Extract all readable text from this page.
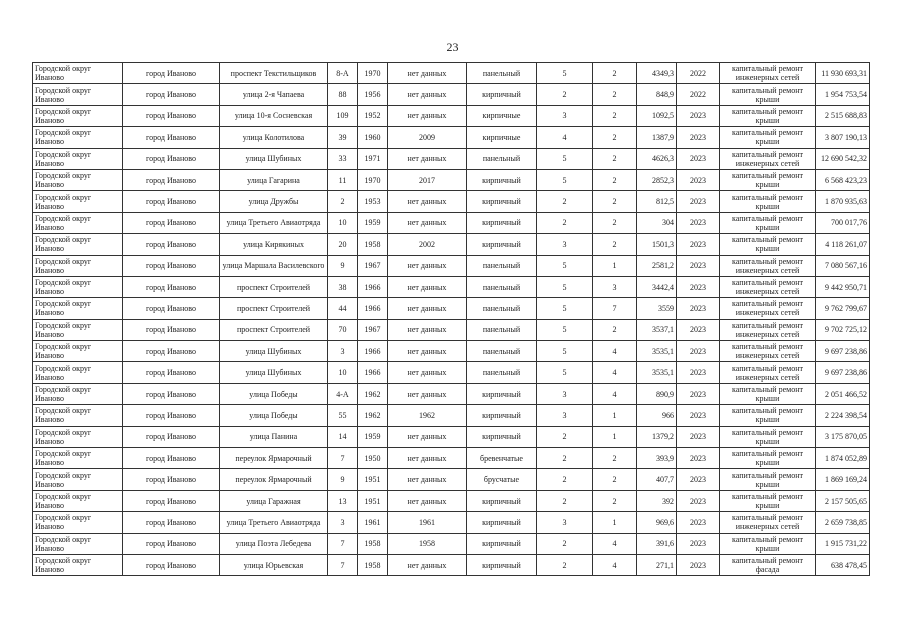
23
Городской округ Иваново	город Иваново	проспект Текстильщиков	8-А	1970	нет данных	панельный	5	2	4349,3	2022	капитальный ремонт инженерных сетей	11 930 693,31
Городской округ Иваново	город Иваново	улица 2-я Чапаева	88	1956	нет данных	кирпичный	2	2	848,9	2022	капитальный ремонт крыши	1 954 753,54
Городской округ Иваново	город Иваново	улица 10-я Сосневская	109	1952	нет данных	кирпичные	3	2	1092,5	2023	капитальный ремонт крыши	2 515 688,83
Городской округ Иваново	город Иваново	улица Колотилова	39	1960	2009	кирпичные	4	2	1387,9	2023	капитальный ремонт крыши	3 807 190,13
Городской округ Иваново	город Иваново	улица Шубиных	33	1971	нет данных	панельный	5	2	4626,3	2023	капитальный ремонт инженерных сетей	12 690 542,32
Городской округ Иваново	город Иваново	улица Гагарина	11	1970	2017	кирпичный	5	2	2852,3	2023	капитальный ремонт крыши	6 568 423,23
Городской округ Иваново	город Иваново	улица Дружбы	2	1953	нет данных	кирпичный	2	2	812,5	2023	капитальный ремонт крыши	1 870 935,63
Городской округ Иваново	город Иваново	улица Третьего Авиаотряда	10	1959	нет данных	кирпичный	2	2	304	2023	капитальный ремонт крыши	700 017,76
Городской округ Иваново	город Иваново	улица Кирякиных	20	1958	2002	кирпичный	3	2	1501,3	2023	капитальный ремонт крыши	4 118 261,07
Городской округ Иваново	город Иваново	улица Маршала Василевского	9	1967	нет данных	панельный	5	1	2581,2	2023	капитальный ремонт инженерных сетей	7 080 567,16
Городской округ Иваново	город Иваново	проспект Строителей	38	1966	нет данных	панельный	5	3	3442,4	2023	капитальный ремонт инженерных сетей	9 442 950,71
Городской округ Иваново	город Иваново	проспект Строителей	44	1966	нет данных	панельный	5	7	3559	2023	капитальный ремонт инженерных сетей	9 762 799,67
Городской округ Иваново	город Иваново	проспект Строителей	70	1967	нет данных	панельный	5	2	3537,1	2023	капитальный ремонт инженерных сетей	9 702 725,12
Городской округ Иваново	город Иваново	улица Шубиных	3	1966	нет данных	панельный	5	4	3535,1	2023	капитальный ремонт инженерных сетей	9 697 238,86
Городской округ Иваново	город Иваново	улица Шубиных	10	1966	нет данных	панельный	5	4	3535,1	2023	капитальный ремонт инженерных сетей	9 697 238,86
Городской округ Иваново	город Иваново	улица Победы	4-А	1962	нет данных	кирпичный	3	4	890,9	2023	капитальный ремонт крыши	2 051 466,52
Городской округ Иваново	город Иваново	улица Победы	55	1962	1962	кирпичный	3	1	966	2023	капитальный ремонт крыши	2 224 398,54
Городской округ Иваново	город Иваново	улица Панина	14	1959	нет данных	кирпичный	2	1	1379,2	2023	капитальный ремонт крыши	3 175 870,05
Городской округ Иваново	город Иваново	переулок Ярмарочный	7	1950	нет данных	бревенчатые	2	2	393,9	2023	капитальный ремонт крыши	1 874 052,89
Городской округ Иваново	город Иваново	переулок Ярмарочный	9	1951	нет данных	брусчатые	2	2	407,7	2023	капитальный ремонт крыши	1 869 169,24
Городской округ Иваново	город Иваново	улица Гаражная	13	1951	нет данных	кирпичный	2	2	392	2023	капитальный ремонт крыши	2 157 505,65
Городской округ Иваново	город Иваново	улица Третьего Авиаотряда	3	1961	1961	кирпичный	3	1	969,6	2023	капитальный ремонт инженерных сетей	2 659 738,85
Городской округ Иваново	город Иваново	улица Поэта Лебедева	7	1958	1958	кирпичный	2	4	391,6	2023	капитальный ремонт крыши	1 915 731,22
Городской округ Иваново	город Иваново	улица Юрьевская	7	1958	нет данных	кирпичный	2	4	271,1	2023	капитальный ремонт фасада	638 478,45
